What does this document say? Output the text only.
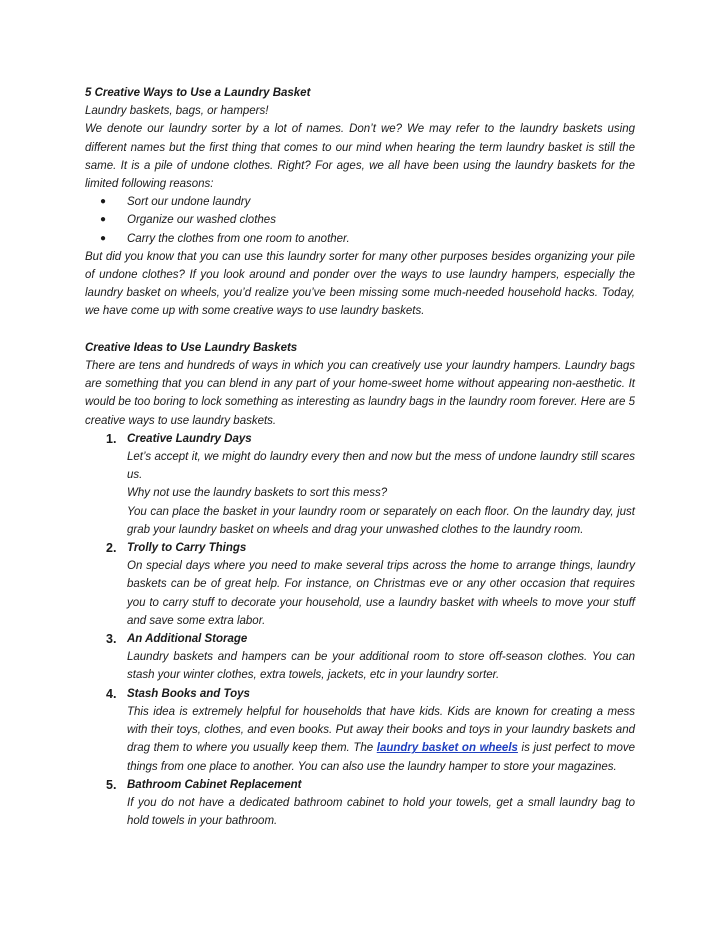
5 Creative Ways to Use a Laundry Basket
Laundry baskets, bags, or hampers!

We denote our laundry sorter by a lot of names. Don’t we? We may refer to the laundry baskets using different names but the first thing that comes to our mind when hearing the term laundry basket is still the same. It is a pile of undone clothes. Right? For ages, we all have been using the laundry baskets for the limited following reasons:

● Sort our undone laundry
● Organize our washed clothes
● Carry the clothes from one room to another.

But did you know that you can use this laundry sorter for many other purposes besides organizing your pile of undone clothes? If you look around and ponder over the ways to use laundry hampers, especially the laundry basket on wheels, you’d realize you’ve been missing some much-needed household hacks. Today, we have come up with some creative ways to use laundry baskets.

Creative Ideas to Use Laundry Baskets

There are tens and hundreds of ways in which you can creatively use your laundry hampers. Laundry bags are something that you can blend in any part of your home-sweet home without appearing non-aesthetic. It would be too boring to lock something as interesting as laundry bags in the laundry room forever. Here are 5 creative ways to use laundry baskets.

1. Creative Laundry Days
Let’s accept it, we might do laundry every then and now but the mess of undone laundry still scares us.
Why not use the laundry baskets to sort this mess?
You can place the basket in your laundry room or separately on each floor. On the laundry day, just grab your laundry basket on wheels and drag your unwashed clothes to the laundry room.
2. Trolly to Carry Things
On special days where you need to make several trips across the home to arrange things, laundry baskets can be of great help. For instance, on Christmas eve or any other occasion that requires you to carry stuff to decorate your household, use a laundry basket with wheels to move your stuff and save some extra labor.
3. An Additional Storage
Laundry baskets and hampers can be your additional room to store off-season clothes. You can stash your winter clothes, extra towels, jackets, etc in your laundry sorter.
4. Stash Books and Toys
This idea is extremely helpful for households that have kids. Kids are known for creating a mess with their toys, clothes, and even books. Put away their books and toys in your laundry baskets and drag them to where you usually keep them. The laundry basket on wheels is just perfect to move things from one place to another. You can also use the laundry hamper to store your magazines.
5. Bathroom Cabinet Replacement
If you do not have a dedicated bathroom cabinet to hold your towels, get a small laundry bag to hold towels in your bathroom.
